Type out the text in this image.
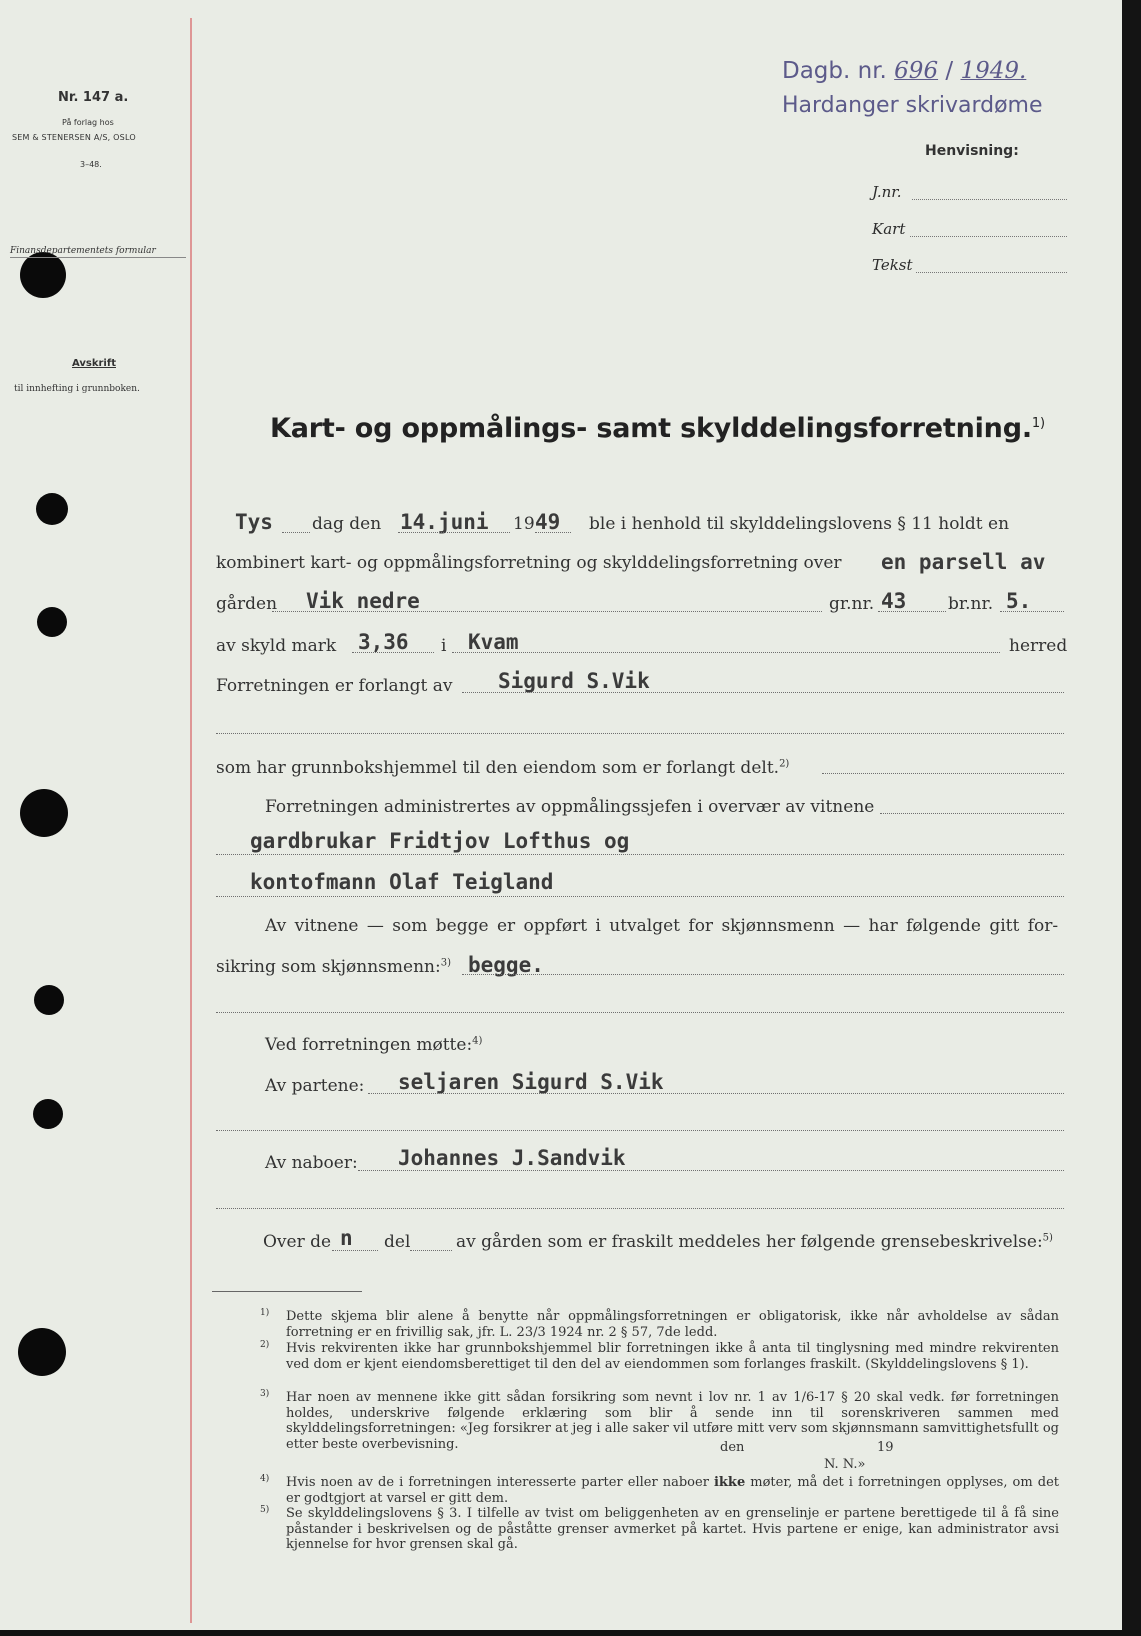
Nr. 147 a.
På forlag hos
SEM & STENERSEN A/S, OSLO
3–48.
Finansdepartementets formular
Avskrift
til innhefting i grunnboken.
Dagb. nr. 696 / 1949.
Hardanger skrivardøme
Henvisning:
J.nr.
Kart
Tekst
Kart- og oppmålings- samt skylddelingsforretning.$^{1)}$
Tys dag den 14.juni 19 49 ble i henhold til skylddelingslovens § 11 holdt en
kombinert kart- og oppmålingsforretning og skylddelingsforretning over en parsell av
gården Vik nedre	gr.nr. 43 br.nr. 5.
av skyld mark 3,36 i Kvam	herred
Forretningen er forlangt av Sigurd S.Vik
som har grunnbokshjemmel til den eiendom som er forlangt delt.$^{2)}$
Forretningen administrertes av oppmålingssjefen i overvær av vitnene
gardbrukar Fridtjov Lofthus og
kontofmann Olaf Teigland
Av vitnene — som begge er oppført i utvalget for skjønnsmenn — har følgende gitt for-
sikring som skjønnsmenn:$^{3)}$ begge.
Ved forretningen møtte:$^{4)}$
Av partene: seljaren Sigurd S.Vik
Av naboer: Johannes J.Sandvik
Over de n del	av gården som er fraskilt meddeles her følgende grensebeskrivelse:$^{5)}$
1) Dette skjema blir alene å benytte når oppmålingsforretningen er obligatorisk, ikke når avholdelse av sådan forretning er en frivillig sak, jfr. L. 23/3 1924 nr. 2 § 57, 7de ledd.
2) Hvis rekvirenten ikke har grunnbokshjemmel blir forretningen ikke å anta til tinglysning med mindre rekvirenten ved dom er kjent eiendomsberettiget til den del av eiendommen som forlanges fraskilt. (Skylddelingslovens § 1).
3) Har noen av mennene ikke gitt sådan forsikring som nevnt i lov nr. 1 av 1/6-17 § 20 skal vedk. før forretningen holdes, underskrive følgende erklæring som blir å sende inn til sorenskriveren sammen med skylddelingsforretningen: «Jeg forsikrer at jeg i alle saker vil utføre mitt verv som skjønnsmann samvittighetsfullt og etter beste overbevisning.	den	19
N. N.»
4) Hvis noen av de i forretningen interesserte parter eller naboer ikke møter, må det i forretningen opplyses, om det er godtgjort at varsel er gitt dem.
5) Se skylddelingslovens § 3. I tilfelle av tvist om beliggenheten av en grenselinje er partene berettigede til å få sine påstander i beskrivelsen og de påståtte grenser avmerket på kartet. Hvis partene er enige, kan administrator avsi kjennelse for hvor grensen skal gå.
